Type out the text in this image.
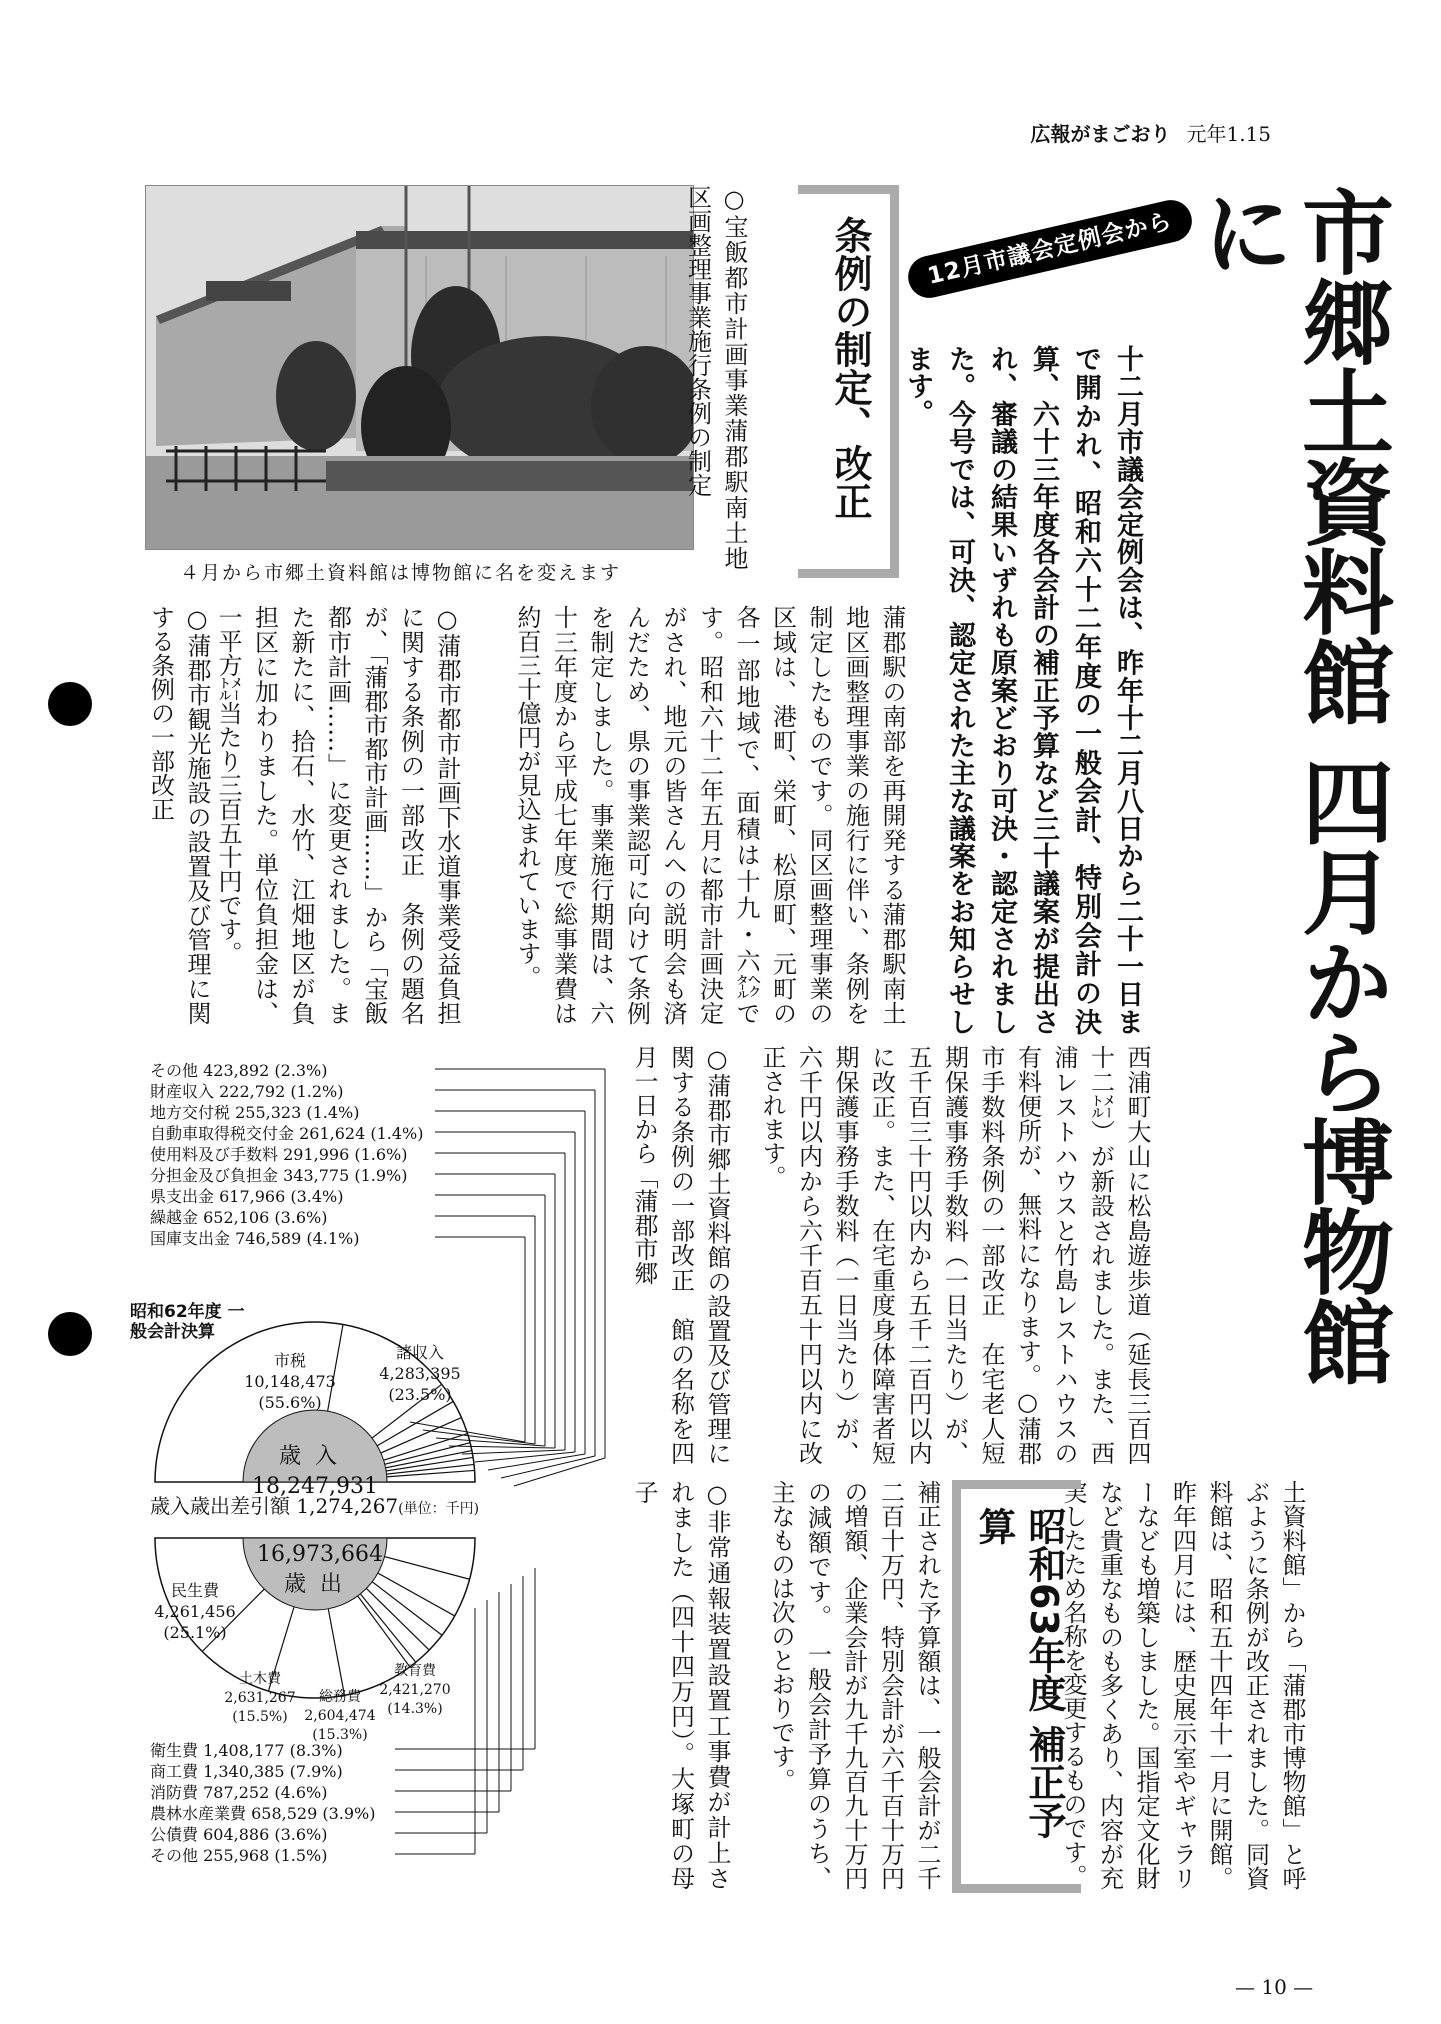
広報がまごおり 元年1.15
市郷土資料館 四月から博物館に
12月市議会定例会から
十二月市議会定例会は、昨年十二月八日から二十一日まで開かれ、昭和六十二年度の一般会計、特別会計の決算、六十三年度各会計の補正予算など三十議案が提出され、審議の結果いずれも原案どおり可決・認定されました。今号では、可決、認定された主な議案をお知らせします。
条例の制定、改正
４月から市郷土資料館は博物館に名を変えます
○宝飯都市計画事業蒲郡駅南土地区画整理事業施行条例の制定
蒲郡駅の南部を再開発する蒲郡駅南土地区画整理事業の施行に伴い、条例を制定したものです。同区画整理事業の区域は、港町、栄町、松原町、元町の各一部地域で、面積は十九・六㌶です。昭和六十二年五月に都市計画決定がされ、地元の皆さんへの説明会も済んだため、県の事業認可に向けて条例を制定しました。事業施行期間は、六十三年度から平成七年度で総事業費は約百三十億円が見込まれています。
○蒲郡市都市計画下水道事業受益負担に関する条例の一部改正　条例の題名が、「蒲郡市都市計画……」から「宝飯都市計画……」に変更されました。また新たに、拾石、水竹、江畑地区が負担区に加わりました。単位負担金は、一平方㍍当たり三百五十円です。
○蒲郡市観光施設の設置及び管理に関する条例の一部改正
西浦町大山に松島遊歩道（延長三百四十二㍍）が新設されました。また、西浦レストハウスと竹島レストハウスの有料便所が、無料になります。○蒲郡市手数料条例の一部改正　在宅老人短期保護事務手数料（一日当たり）が、五千百三十円以内から五千二百円以内に改正。また、在宅重度身体障害者短期保護事務手数料（一日当たり）が、六千円以内から六千百五十円以内に改正されます。
○蒲郡市郷土資料館の設置及び管理に関する条例の一部改正　館の名称を四月一日から「蒲郡市郷
土資料館」から「蒲郡市博物館」と呼ぶように条例が改正されました。同資料館は、昭和五十四年十一月に開館。昨年四月には、歴史展示室やギャラリーなども増築しました。国指定文化財など貴重なものも多くあり、内容が充実したため名称を変更するものです。
昭和63年度 補正予算
補正された予算額は、一般会計が二千二百十万円、特別会計が六千百十万円の増額、企業会計が九千九百九十万円の減額です。　一般会計予算のうち、主なものは次のとおりです。
○非常通報装置設置工事費が計上されました（四十四万円）。大塚町の母子
その他 423,892 (2.3%)
財産収入 222,792 (1.2%)
地方交付税 255,323 (1.4%)
自動車取得税交付金 261,624 (1.4%)
使用料及び手数料 291,996 (1.6%)
分担金及び負担金 343,775 (1.9%)
県支出金 617,966 (3.4%)
繰越金 652,106 (3.6%)
国庫支出金 746,589 (4.1%)
昭和62年度 一般会計決算
市税
10,148,473
(55.6%)
諸収入
4,283,395
(23.5%)
歳入
18,247,931
歳入歳出差引額 1,274,267(単位：千円)
16,973,664
歳出
民生費
4,261,456
(25.1%)
土木費
2,631,267
(15.5%)
総務費
2,604,474
(15.3%)
教育費
2,421,270
(14.3%)
衛生費 1,408,177 (8.3%)
商工費 1,340,385 (7.9%)
消防費 787,252 (4.6%)
農林水産業費 658,529 (3.9%)
公債費 604,886 (3.6%)
その他 255,968 (1.5%)
— 10 —
